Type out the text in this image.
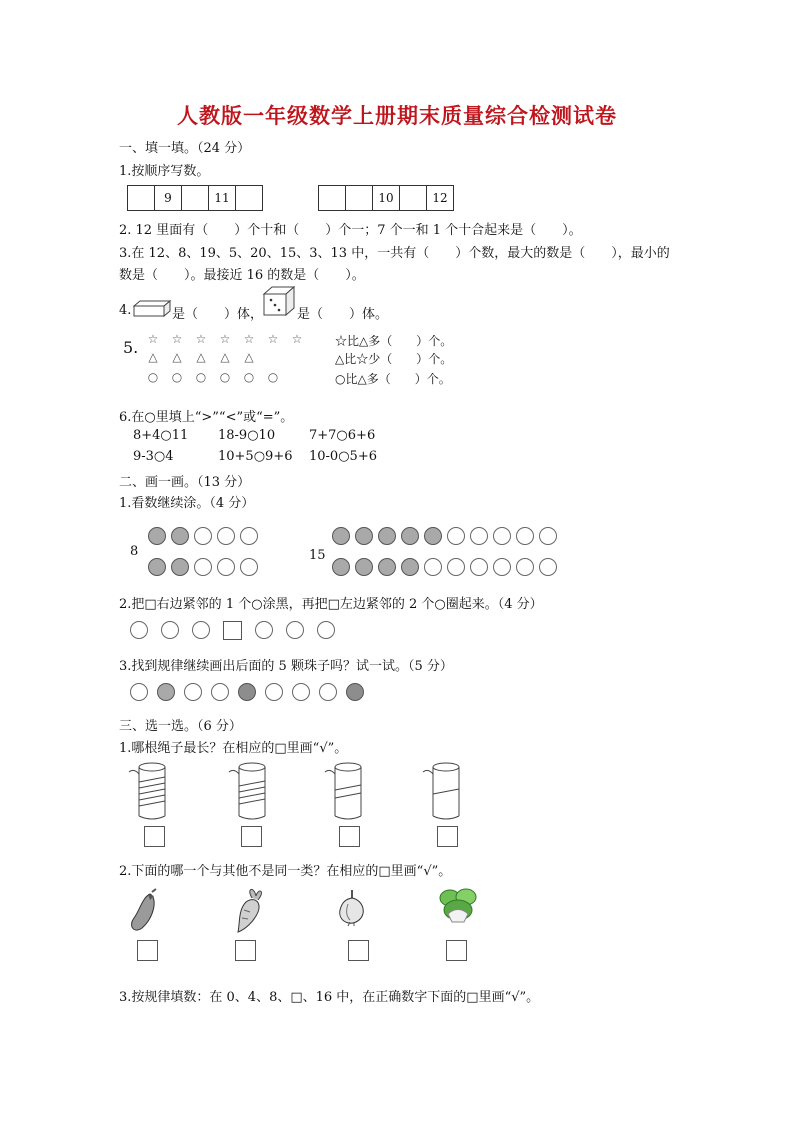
人教版一年级数学上册期末质量综合检测试卷
一、填一填。（24 分）
1.按顺序写数。
9	11	10	12
2. 12 里面有（　　）个十和（　　）个一；7 个一和 1 个十合起来是（　　）。
3.在 12、8、19、5、20、15、3、13 中，一共有（　　）个数，最大的数是（　　），最小的
数是（　　）。最接近 16 的数是（　　）。
4.	是（　　）体，	是（　　）体。
5. ☆ ☆ ☆ ☆ ☆ ☆ ☆	☆比△多（　　）个。
△ △ △ △ △	△比☆少（　　）个。
○ ○ ○ ○ ○ ○	○比△多（　　）个。
6.在○里填上“>”“<”或“=”。
8+4○11 18-9○10	7+7○6+6
9-3○4	10+5○9+6 10-0○5+6
二、画一画。（13 分）
1.看数继续涂。（4 分）
8	15
2.把□右边紧邻的 1 个○涂黑，再把□左边紧邻的 2 个○圈起来。（4 分）
3.找到规律继续画出后面的 5 颗珠子吗？试一试。（5 分）
三、选一选。（6 分）
1.哪根绳子最长？在相应的□里画“√”。
2.下面的哪一个与其他不是同一类？在相应的□里画“√”。
3.按规律填数：在 0、4、8、□、16 中，在正确数字下面的□里画“√”。
